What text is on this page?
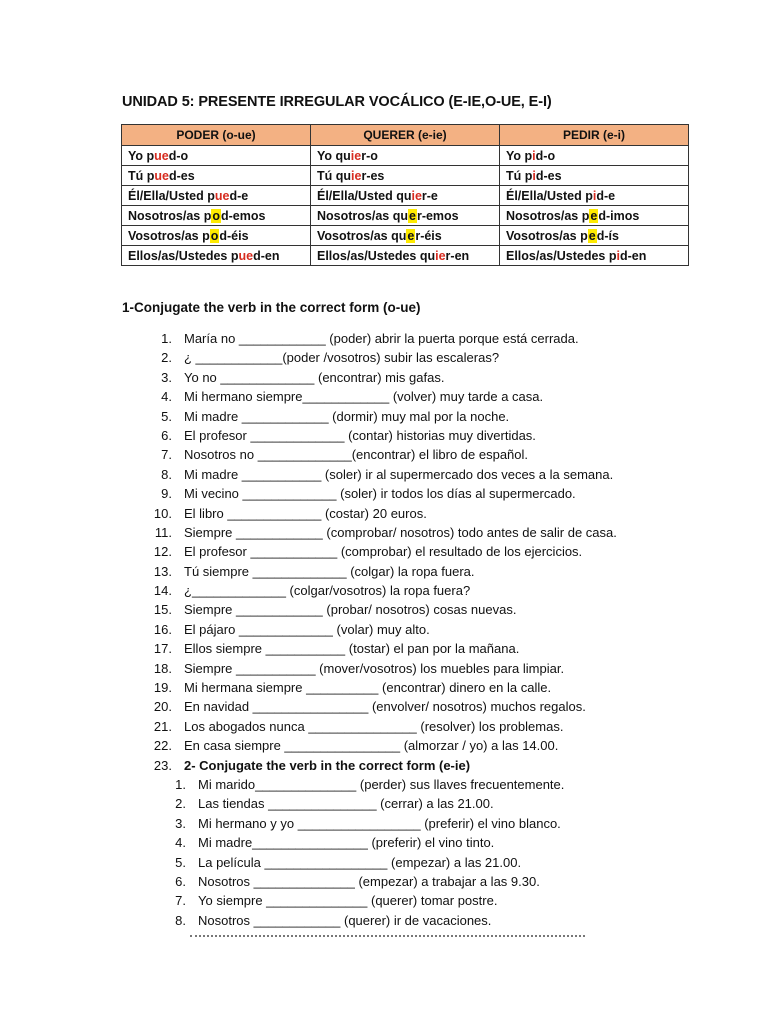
UNIDAD 5: PRESENTE IRREGULAR VOCÁLICO (E-IE,O-UE, E-I)
PODER (o-ue)	QUERER (e-ie)	PEDIR (e-i)
Yo pued-o	Yo quier-o	Yo pid-o
Tú pued-es	Tú quier-es	Tú pid-es
Él/Ella/Usted pued-e	Él/Ella/Usted quier-e	Él/Ella/Usted pid-e
Nosotros/as pod-emos	Nosotros/as quer-emos	Nosotros/as ped-imos
Vosotros/as pod-éis	Vosotros/as quer-éis	Vosotros/as ped-ís
Ellos/as/Ustedes pued-en	Ellos/as/Ustedes quier-en	Ellos/as/Ustedes pid-en
1-Conjugate the verb in the correct form (o-ue)
1. María no ____________ (poder) abrir la puerta porque está cerrada.
2. ¿ ____________(poder /vosotros) subir las escaleras?
3. Yo no _____________ (encontrar) mis gafas.
4. Mi hermano siempre____________ (volver) muy tarde a casa.
5. Mi madre ____________ (dormir) muy mal por la noche.
6. El profesor _____________ (contar) historias muy divertidas.
7. Nosotros no _____________(encontrar) el libro de español.
8. Mi madre ___________ (soler) ir al supermercado dos veces a la semana.
9. Mi vecino _____________ (soler) ir todos los días al supermercado.
10. El libro _____________ (costar) 20 euros.
11. Siempre ____________ (comprobar/ nosotros) todo antes de salir de casa.
12. El profesor ____________ (comprobar) el resultado de los ejercicios.
13. Tú siempre _____________ (colgar) la ropa fuera.
14. ¿_____________ (colgar/vosotros) la ropa fuera?
15. Siempre ____________ (probar/ nosotros) cosas nuevas.
16. El pájaro _____________ (volar) muy alto.
17. Ellos siempre ___________ (tostar) el pan por la mañana.
18. Siempre ___________ (mover/vosotros) los muebles para limpiar.
19. Mi hermana siempre __________ (encontrar) dinero en la calle.
20. En navidad ________________ (envolver/ nosotros) muchos regalos.
21. Los abogados nunca _______________ (resolver) los problemas.
22. En casa siempre ________________ (almorzar / yo) a las 14.00.
23. 2- Conjugate the verb in the correct form (e-ie)
1. Mi marido______________ (perder) sus llaves frecuentemente.
2. Las tiendas _______________ (cerrar) a las 21.00.
3. Mi hermano y yo _________________ (preferir) el vino blanco.
4. Mi madre________________ (preferir) el vino tinto.
5. La película _________________ (empezar) a las 21.00.
6. Nosotros ______________ (empezar) a trabajar a las 9.30.
7. Yo siempre ______________ (querer) tomar postre.
8. Nosotros ____________ (querer) ir de vacaciones.
